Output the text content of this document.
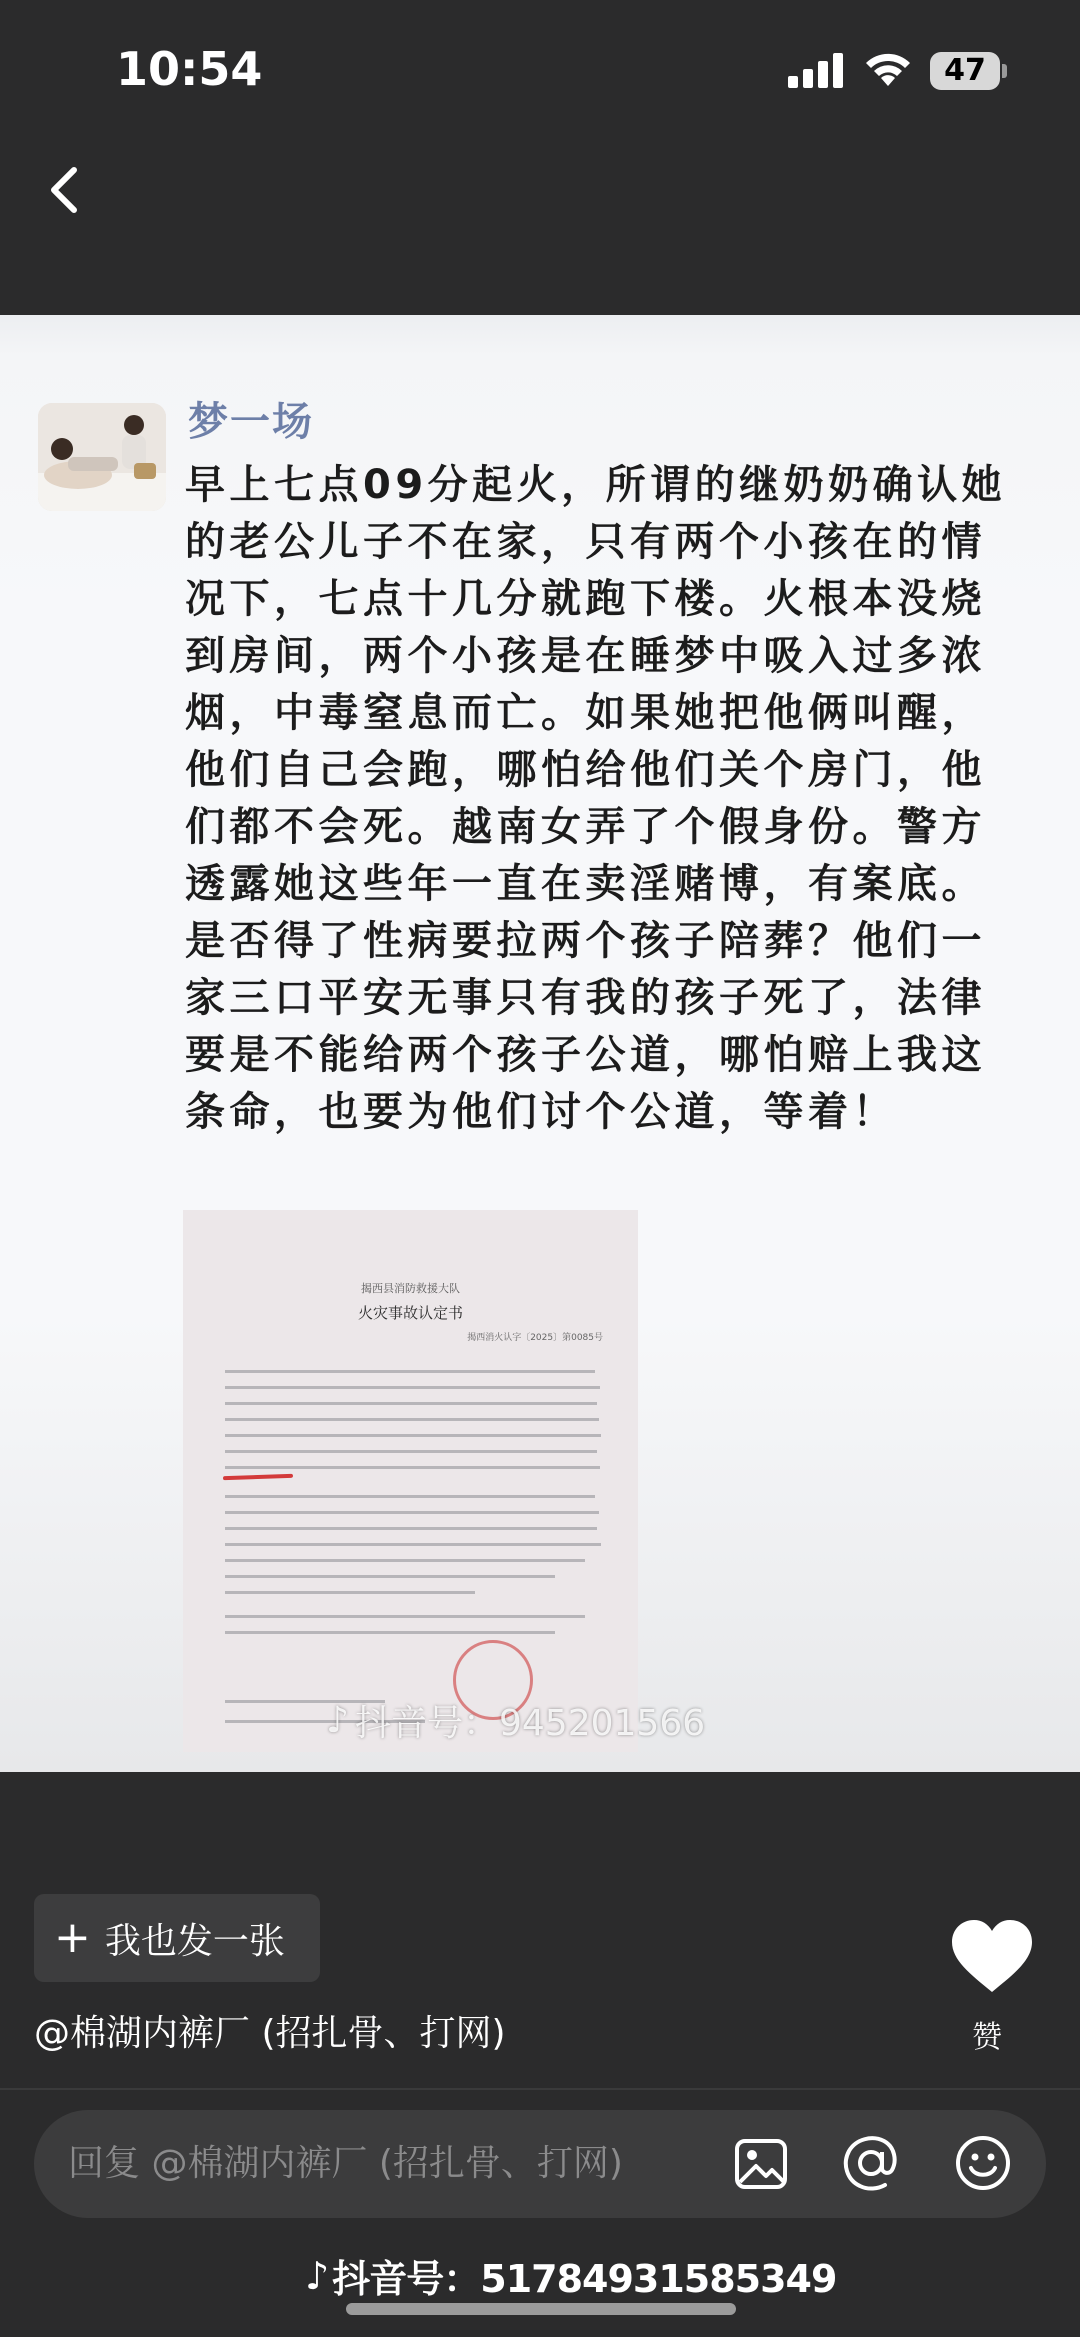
10:54	47
梦一场
早上七点09分起火，所谓的继奶奶确认她的老公儿子不在家，只有两个小孩在的情况下，七点十几分就跑下楼。火根本没烧到房间，两个小孩是在睡梦中吸入过多浓烟，中毒窒息而亡。如果她把他俩叫醒，他们自己会跑，哪怕给他们关个房门，他们都不会死。越南女弄了个假身份。警方透露她这些年一直在卖淫赌博，有案底。是否得了性病要拉两个孩子陪葬？他们一家三口平安无事只有我的孩子死了，法律要是不能给两个孩子公道，哪怕赔上我这条命，也要为他们讨个公道，等着！
揭西县消防救援大队
火灾事故认定书
揭西消火认字〔2025〕第0085号
♪ 抖音号：945201566
+ 我也发一张
@棉湖内裤厂 (招扎骨、打网)	赞
回复 @棉湖内裤厂 (招扎骨、打网)
♪ 抖音号：51784931585349
